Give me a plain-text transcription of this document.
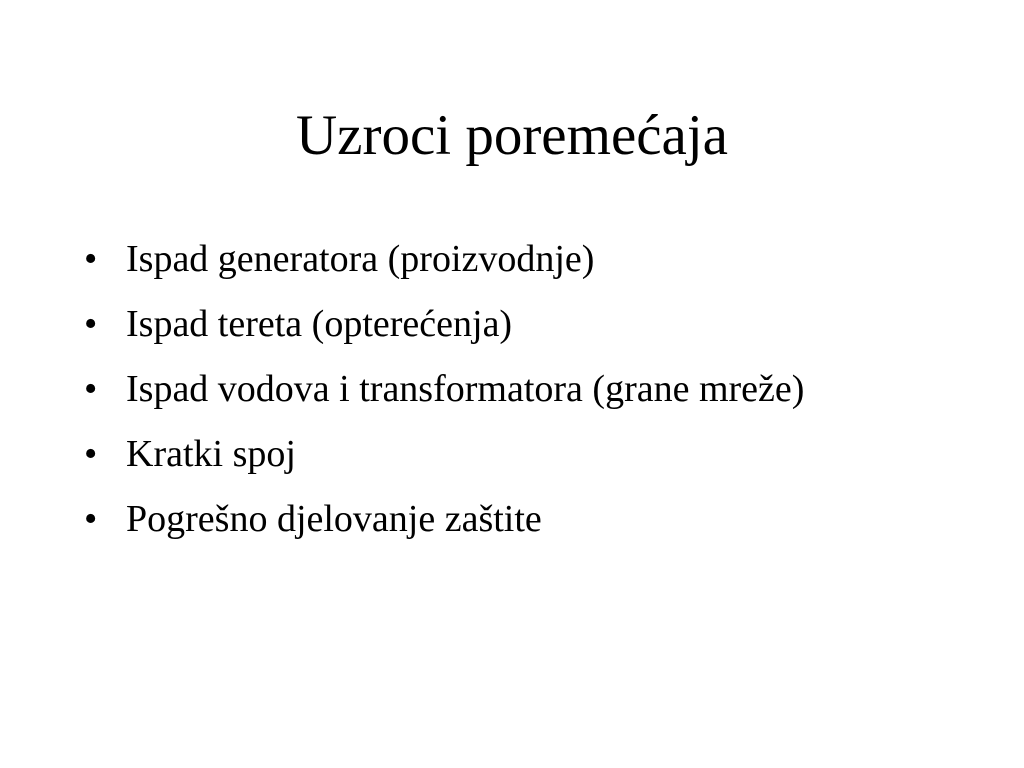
Uzroci poremećaja
• Ispad generatora (proizvodnje)
• Ispad tereta (opterećenja)
• Ispad vodova i transformatora (grane mreže)
• Kratki spoj
• Pogrešno djelovanje zaštite
